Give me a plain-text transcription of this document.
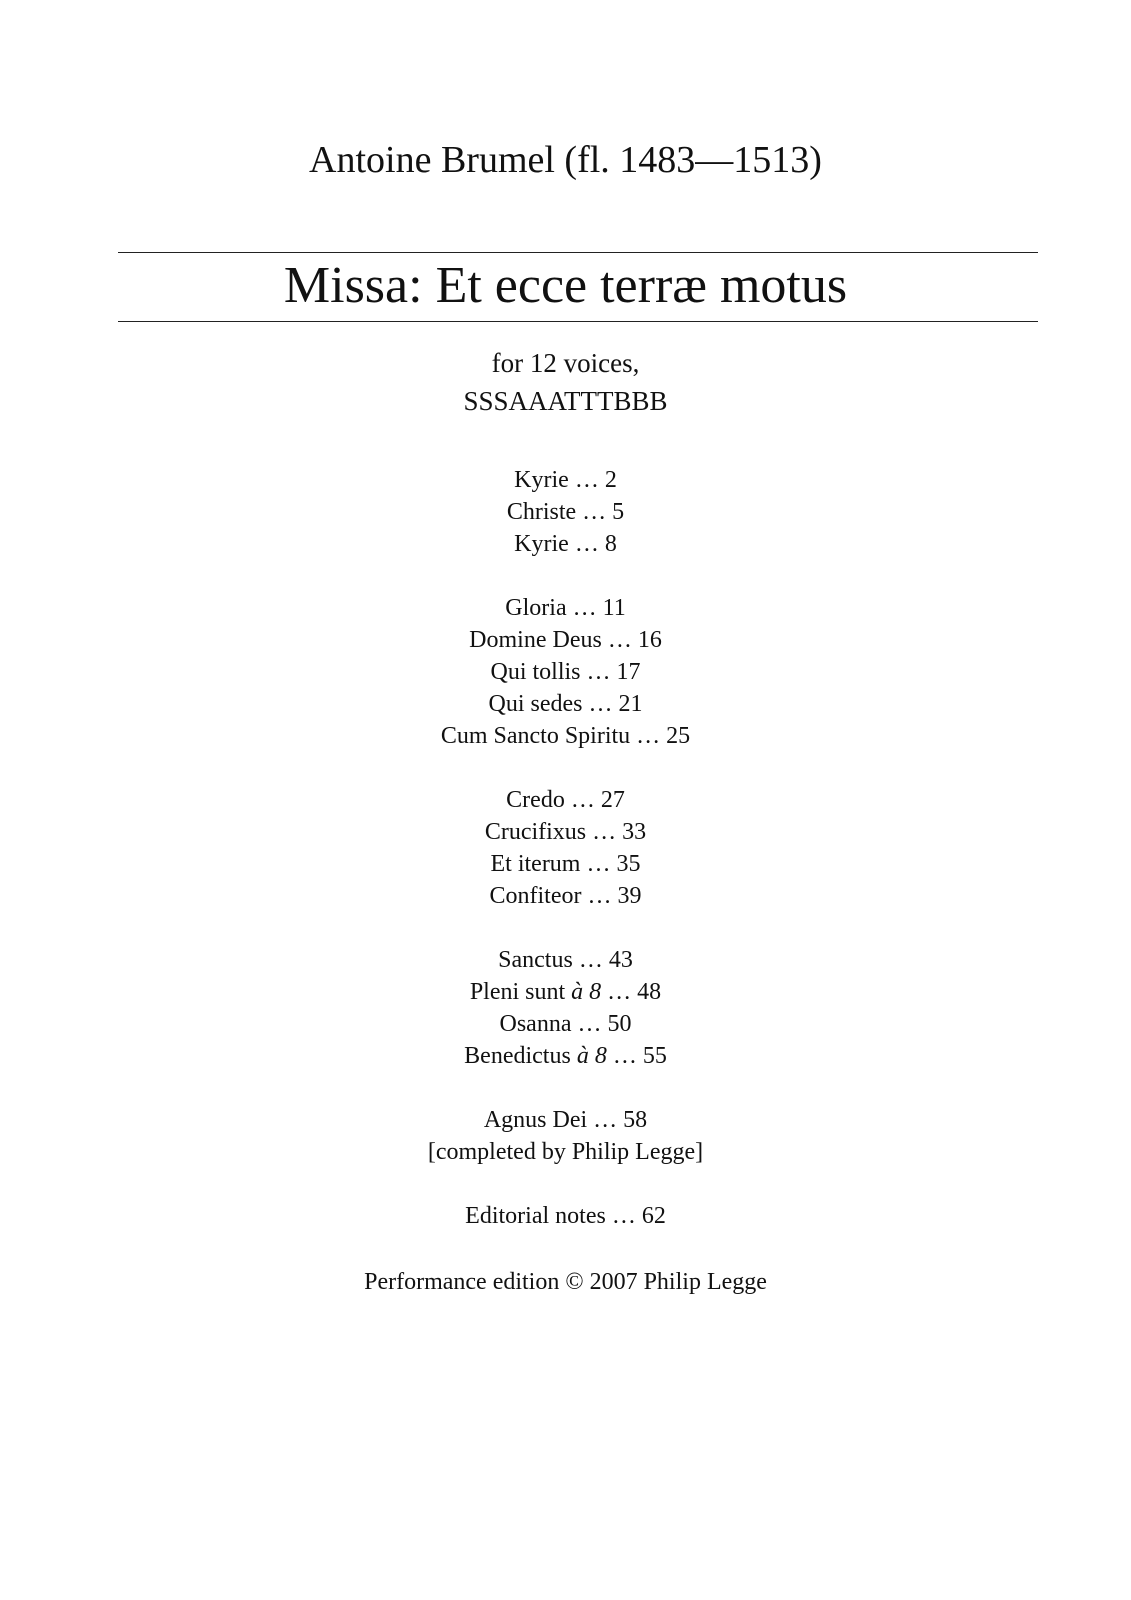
Antoine Brumel (fl. 1483—1513)
Missa: Et ecce terræ motus
for 12 voices,
SSSAAATTTBBB
Kyrie … 2
Christe … 5
Kyrie … 8
Gloria … 11
Domine Deus … 16
Qui tollis … 17
Qui sedes … 21
Cum Sancto Spiritu … 25
Credo … 27
Crucifixus … 33
Et iterum … 35
Confiteor … 39
Sanctus … 43
Pleni sunt à 8 … 48
Osanna … 50
Benedictus à 8 … 55
Agnus Dei … 58
[completed by Philip Legge]
Editorial notes … 62
Performance edition © 2007 Philip Legge
